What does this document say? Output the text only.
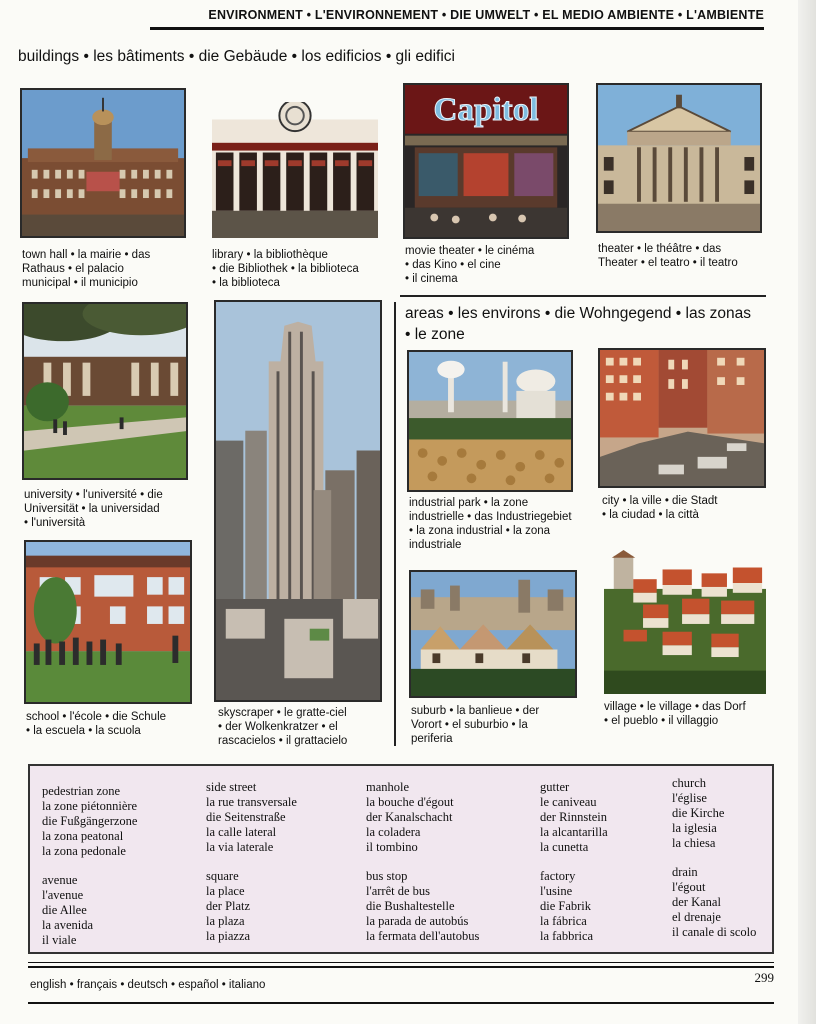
ENVIRONMENT • L'ENVIRONNEMENT • DIE UMWELT • EL MEDIO AMBIENTE • L'AMBIENTE
buildings • les bâtiments • die Gebäude • los edificios • gli edifici
town hall • la mairie • das
Rathaus • el palacio
municipal • il municipio
library • la bibliothèque
• die Bibliothek • la biblioteca
• la biblioteca
Capitol
movie theater • le cinéma
• das Kino • el cine
• il cinema
theater • le théâtre • das
Theater • el teatro • il teatro
university • l'université • die
Universität • la universidad
• l'università
skyscraper • le gratte-ciel
• der Wolkenkratzer • el
rascacielos • il grattacielo
school • l'école • die Schule
• la escuela • la scuola
areas • les environs • die Wohngegend • las zonas
• le zone
industrial park • la zone
industrielle • das Industriegebiet
• la zona industrial • la zona
industriale
city • la ville • die Stadt
• la ciudad • la città
suburb • la banlieue • der
Vorort • el suburbio • la
periferia
village • le village • das Dorf
• el pueblo • il villaggio
pedestrian zone
la zone piétonnière
die Fußgängerzone
la zona peatonal
la zona pedonale
avenue
l'avenue
die Allee
la avenida
il viale
side street
la rue transversale
die Seitenstraße
la calle lateral
la via laterale
square
la place
der Platz
la plaza
la piazza
manhole
la bouche d'égout
der Kanalschacht
la coladera
il tombino
bus stop
l'arrêt de bus
die Bushaltestelle
la parada de autobús
la fermata dell'autobus
gutter
le caniveau
der Rinnstein
la alcantarilla
la cunetta
factory
l'usine
die Fabrik
la fábrica
la fabbrica
church
l'église
die Kirche
la iglesia
la chiesa
drain
l'égout
der Kanal
el drenaje
il canale di scolo
english • français • deutsch • español • italiano	299
